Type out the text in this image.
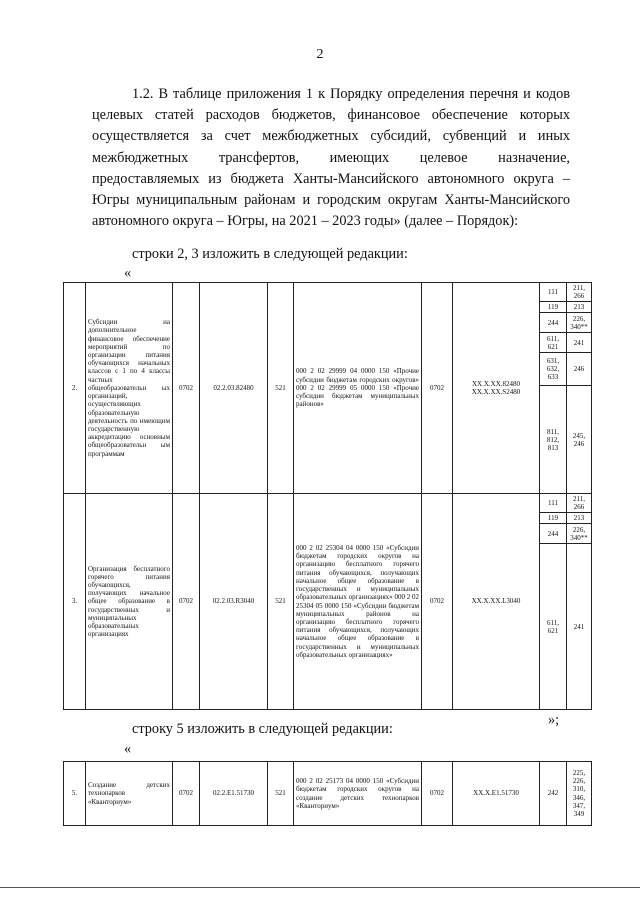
2
1.2. В таблице приложения 1 к Порядку определения перечня и кодов целевых статей расходов бюджетов, финансовое обеспечение которых осуществляется за счет межбюджетных субсидий, субвенций и иных межбюджетных трансфертов, имеющих целевое назначение, предоставляемых из бюджета Ханты-Мансийского автономного округа – Югры муниципальным районам и городским округам Ханты-Мансийского автономного округа – Югры, на 2021 – 2023 годы» (далее – Порядок):
строки 2, 3 изложить в следующей редакции:
«
2.	Субсидии на дополнительное финансовое обеспечение мероприятий по организации питания обучающихся начальных классов с 1 по 4 классы частных общеобразовательн ых организаций, осуществляющих образовательную деятельность по имеющим государственную аккредитацию основным общеобразовательн ым программам	0702	02.2.03.82480	521	000 2 02 29999 04 0000 150 «Прочие субсидии бюджетам городских округов» 000 2 02 29999 05 0000 150 «Прочие субсидии бюджетам муниципальных районов»	0702	XX.X.XX.82480 XX.X.XX.S2480	
111	211, 266
119	213
244	226, 340**
611, 621	241
631, 632, 633	246
811, 812, 813	245, 246

3.	Организация бесплатного горячего питания обучающихся, получающих начальное общее образование в государственных и муниципальных образовательных организациях	0702	02.2.03.R3040	521	000 2 02 25304 04 0000 150 «Субсидии бюджетам городских округов на организацию бесплатного горячего питания обучающихся, получающих начальное общее образование в государственных и муниципальных образовательных организациях» 000 2 02 25304 05 0000 150 «Субсидии бюджетам муниципальных районов на организацию бесплатного горячего питания обучающихся, получающих начальное общее образование в государственных и муниципальных образовательных организациях»	0702	XX.X.XX.L3040	
111	211, 266
119	213
244	226, 340**
611, 621	241
»;
строку 5 изложить в следующей редакции:
«
5.	Создание детских технопарков «Кванториум»	0702	02.2.E1.51730	521	000 2 02 25173 04 0000 150 «Субсидии бюджетам городских округов на создание детских технопарков «Кванториум»	0702	XX.X.E1.51730	242	225, 226, 310, 346, 347, 349
